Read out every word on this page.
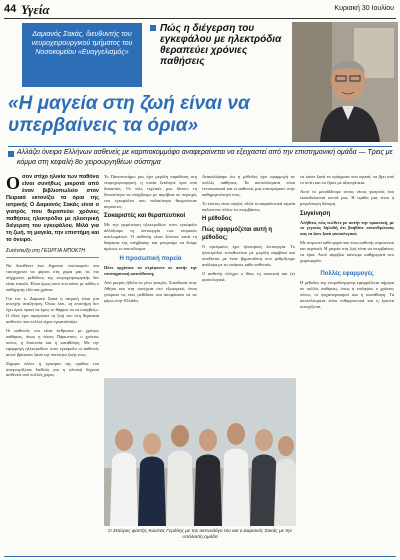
44 Υγεία	Κυριακή 30 Ιουλίου
Δαμιανός Σακάς, διευθυντής του νευροχειρουργικού τμήματος του Νοσοκομείου «Ευαγγελισμός»
Πώς η διέγερση του εγκεφάλου με ηλεκτρόδια θεραπεύει χρόνιες παθήσεις
«Η μαγεία στη ζωή είναι να υπερβαίνεις τα όρια»
Αλλάζει όνειρα Ελλήνων ασθενείς με καρπιοκομμόφο αναφεραίνεται να εξειχαστεί από την επιστημονική ομάδα — Τρεις με κόμμα στη κεφαλή 8ο χειρουργηθέων σύστημα
Ο σον στίχο ηλικία των παθόνα είναι συνήθως μικροτά από έναν βιβλιοπωλείο στον Πειραιά εκτονίζει τα όρια της ιατρικής Ο Δαμιανός Σακάς είναι ο γιατρός που θεραπεύει χρόνιες παθήσεις ηλεκτρόδια με ηλεκτρική διέγερση του εγκεφάλου. Μιλά για τη ζωή, τη μαγεία, την επιστήμη και το όνειρο.
Συνέντευξη στη ΓΕΩΡΓΙΑ ΜΠΟΚΤΗ

Να διευθύνει ένα δημοσιο νοσοκομείο και ταυτόχρονα να φέρνει στη χώρα μας τις πιο σύγχρονες μεθόδους της νευροχειρουργικής δεν είναι εύκολο. Είναι όμως αυτό που κάνει με πάθος ο καθηγητής εδώ και χρόνια.

Για τον κ. Δαμιανό Σακά η ιατρική είναι μια συνεχής αναζήτηση. Όπως λέει, «η επιστήμη δεν έχει όρια, αρκεί να έχεις το θάρρος να τα υπερβείς». Ο ίδιος έχει αφιερώσει τη ζωή του στη θεραπεία ασθενών που πολλοί είχαν εγκαταλείψει.

Οι ασθενείς του είναι άνθρωποι με χρόνιες παθήσεις, όπως η νόσος Πάρκινσον, ο χρόνιος πόνος, η δυστονία και η κατάθλιψη. Με την εφαρμογή ηλεκτροδίων στον εγκέφαλο οι ασθενείς αυτοί βρίσκουν ξανά την ποιότητα ζωής τους.

Σήμερα πλέον η εμπειρία της ομάδας του αναγνωρίζεται διεθνώς και η κλινική δέχεται ασθενείς από πολλές χώρες.

Το Πανεπιστήμιο μας έχει μεγάλη παράδοση στη νευροχειρουργική, η οποία ξεκίνησε πριν από δεκαετίες. Οι νέες τεχνικές μας δίνουν τη δυνατότητα να επέμβουμε με ακρίβεια σε περιοχές του εγκεφάλου που παλαιότερα θεωρούνταν απρόσιτες.

Σοκαριστές και θεραπευτικοί

Με την εμφύτευση ηλεκτροδίων στον εγκέφαλο αλλάζουμε τη λειτουργία των νευρικών κυκλωμάτων. Ο ασθενής είναι ξύπνιος κατά τη διάρκεια της επέμβασης και μπορούμε να δούμε αμέσως το αποτέλεσμα.

Η προσωπική πορεία

Πότε αρχίσατε να στρέφεστε σε αυτήν την επιστημονική κατεύθυνση;

Από μικρός ήθελα να γίνω γιατρός. Σπούδασα στην Αθήνα και στη συνέχεια στο εξωτερικό, όπου γνώρισα τις νέες μεθόδους και αποφάσισα να τις φέρω στην Ελλάδα.

Ανακαλύψαμε ότι η μέθοδος έχει εφαρμογή σε πολλές παθήσεις. Τα αποτελέσματα είναι εντυπωσιακά και οι ασθενείς μας επιστρέφουν στην καθημερινότητά τους.

Το κόστος είναι υψηλό, αλλά τα ασφαλιστικά ταμεία καλύπτουν πλέον τις επεμβάσεις.

Η μέθοδος
Πώς εφαρμόζεται αυτή η μέθοδος;

Ο εγκέφαλος έχει ηλεκτρική λειτουργία. Το ηλεκτρόδιο τοποθετείται με μεγάλη ακρίβεια και συνδέεται με έναν βηματοδότη που ρυθμίζουμε ανάλογα με τις ανάγκες κάθε ασθενούς.

Ο ασθενής ελέγχει ο ίδιος τη συσκευή και ζει φυσιολογικά.

να κάνει ξανά τα πράγματα που αγαπά, να βγει από το σπίτι και να ζήσει με αξιοπρέπεια.

Αυτό το μεταδίδουμε στους νέους γιατρούς που εκπαιδεύονται κοντά μας. Η ομάδα μας είναι η μεγαλύτερη δύναμη.

Συγκίνηση

Αλήθεια, πώς νιώθετε με αυτήν την πρακτική, με το γεγονός δηλαδή ότι βοηθάτε συνανθρώπους σας να ζουν ξανά φυσιολογικά;

Με συγκινεί κάθε φορά που ένας ασθενής σηκώνεται και περπατά. Η μαγεία στη ζωή είναι να υπερβαίνεις τα όρια. Αυτό ακριβώς κάνουμε καθημερινά στο χειρουργείο.

Πολλές εφαρμογές

Η μέθοδος της νευροδιέγερσης εφαρμόζεται σήμερα σε πολλές παθήσεις, όπως η επιληψία, ο χρόνιος πόνος, οι ψυχαναγκασμοί και η κατάθλιψη. Τα αποτελέσματα είναι ενθαρρυντικά και η έρευνα συνεχίζεται.

Ο Σταύρος φαντής Κώστας Γεράλης με την ακτινολόγο του και ο Δαμιανός Σακάς με την υπόλοιπη ομάδα
